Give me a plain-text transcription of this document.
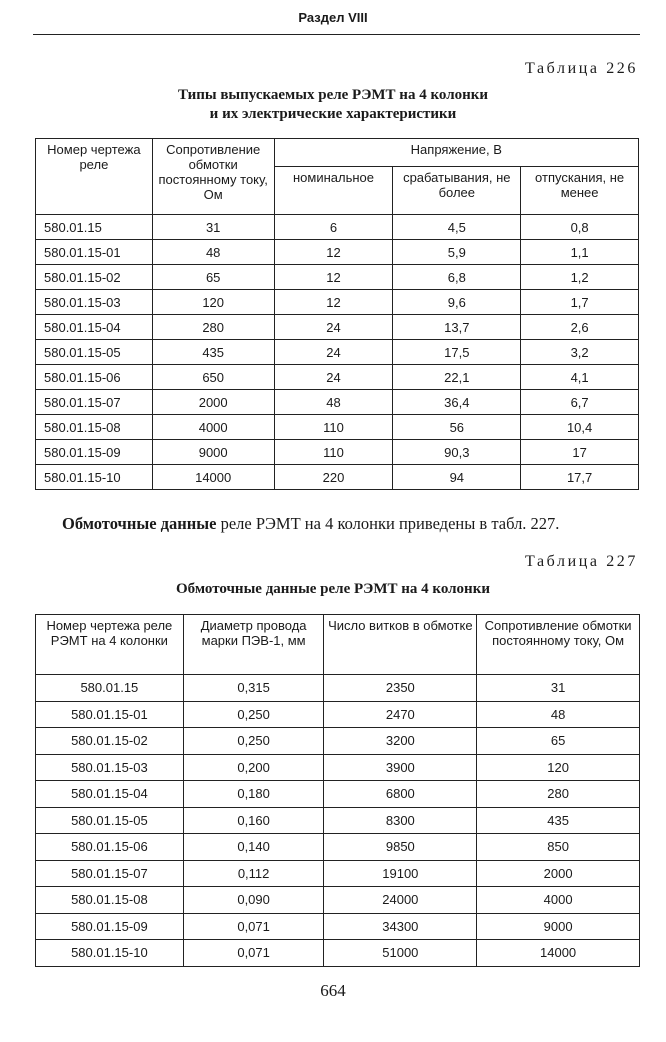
Раздел VIII
Таблица 226
Типы выпускаемых реле РЭМТ на 4 колонки
и их электрические характеристики
Номер чертежа реле	Сопротивление обмотки постоянному току, Ом	Напряжение, В		
		номинальное	срабатывания, не более	отпускания, не менее
580.01.15	31	6	4,5	0,8
580.01.15-01	48	12	5,9	1,1
580.01.15-02	65	12	6,8	1,2
580.01.15-03	120	12	9,6	1,7
580.01.15-04	280	24	13,7	2,6
580.01.15-05	435	24	17,5	3,2
580.01.15-06	650	24	22,1	4,1
580.01.15-07	2000	48	36,4	6,7
580.01.15-08	4000	110	56	10,4
580.01.15-09	9000	110	90,3	17
580.01.15-10	14000	220	94	17,7
Обмоточные данные реле РЭМТ на 4 колонки приведены в табл. 227.
Таблица 227
Обмоточные данные реле РЭМТ на 4 колонки
Номер чертежа реле РЭМТ на 4 колонки	Диаметр провода марки ПЭВ-1, мм	Число витков в обмотке	Сопротивление обмотки постоянному току, Ом
580.01.15	0,315	2350	31
580.01.15-01	0,250	2470	48
580.01.15-02	0,250	3200	65
580.01.15-03	0,200	3900	120
580.01.15-04	0,180	6800	280
580.01.15-05	0,160	8300	435
580.01.15-06	0,140	9850	850
580.01.15-07	0,112	19100	2000
580.01.15-08	0,090	24000	4000
580.01.15-09	0,071	34300	9000
580.01.15-10	0,071	51000	14000
664
